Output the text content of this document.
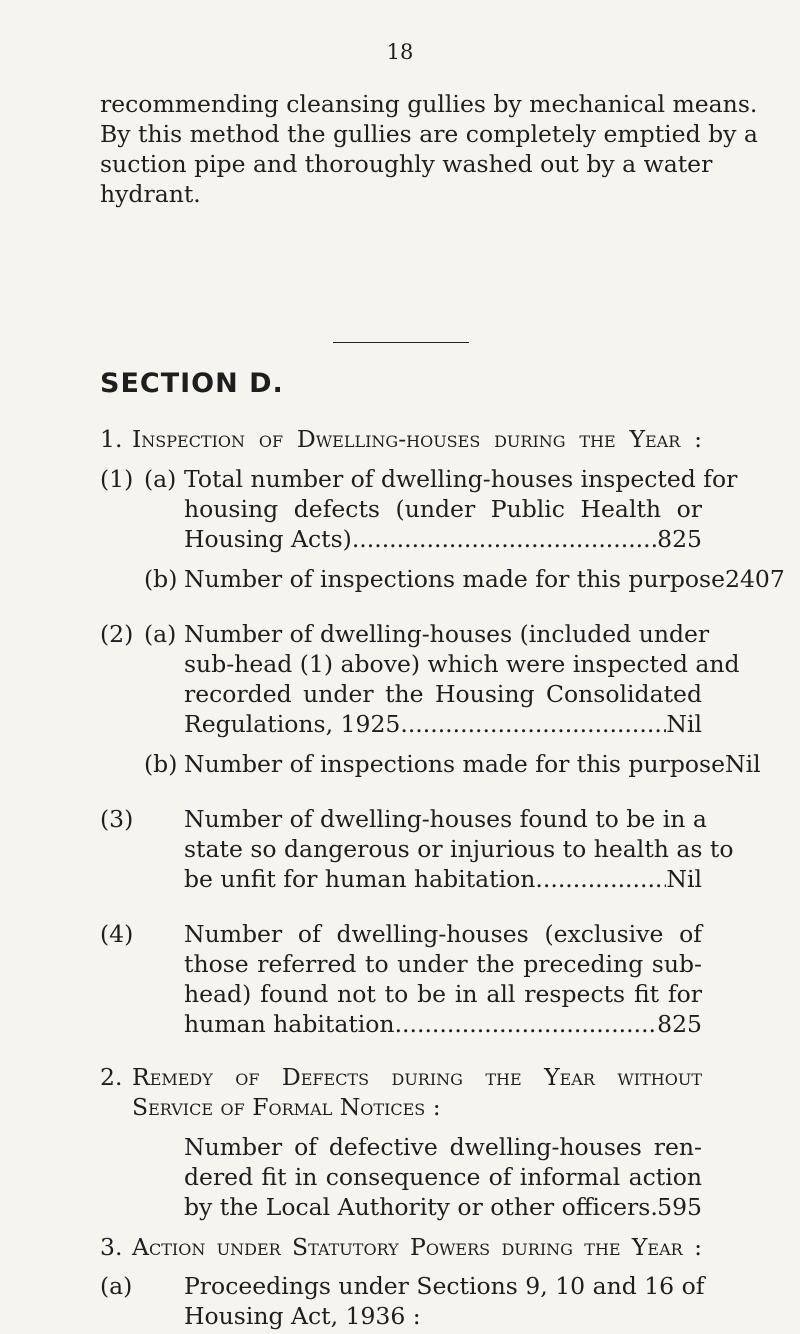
18
recommending cleansing gullies by mechanical means.
By this method the gullies are completely emptied by a
suction pipe and thoroughly washed out by a water
hydrant.
SECTION D.
1. Inspection of Dwelling-houses during the Year :
(1) (a) Total number of dwelling-houses inspected for
housing defects (under Public Health or
Housing Acts) .....	825
(b) Number of inspections made for this purpose 2407
(2) (a) Number of dwelling-houses (included under
sub-head (1) above) which were inspected and
recorded under the Housing Consolidated
Regulations, 1925 .....	Nil
(b) Number of inspections made for this purpose Nil
(3) Number of dwelling-houses found to be in a
state so dangerous or injurious to health as to
be unfit for human habitation .....	Nil
(4) Number of dwelling-houses (exclusive of
those referred to under the preceding sub-
head) found not to be in all respects fit for
human habitation .....	825
2. Remedy of Defects during the Year without
Service of Formal Notices :
Number of defective dwelling-houses ren-
dered fit in consequence of informal action
by the Local Authority or other officers ..... 595
3. Action under Statutory Powers during the Year :
(a) Proceedings under Sections 9, 10 and 16 of
Housing Act, 1936 :
